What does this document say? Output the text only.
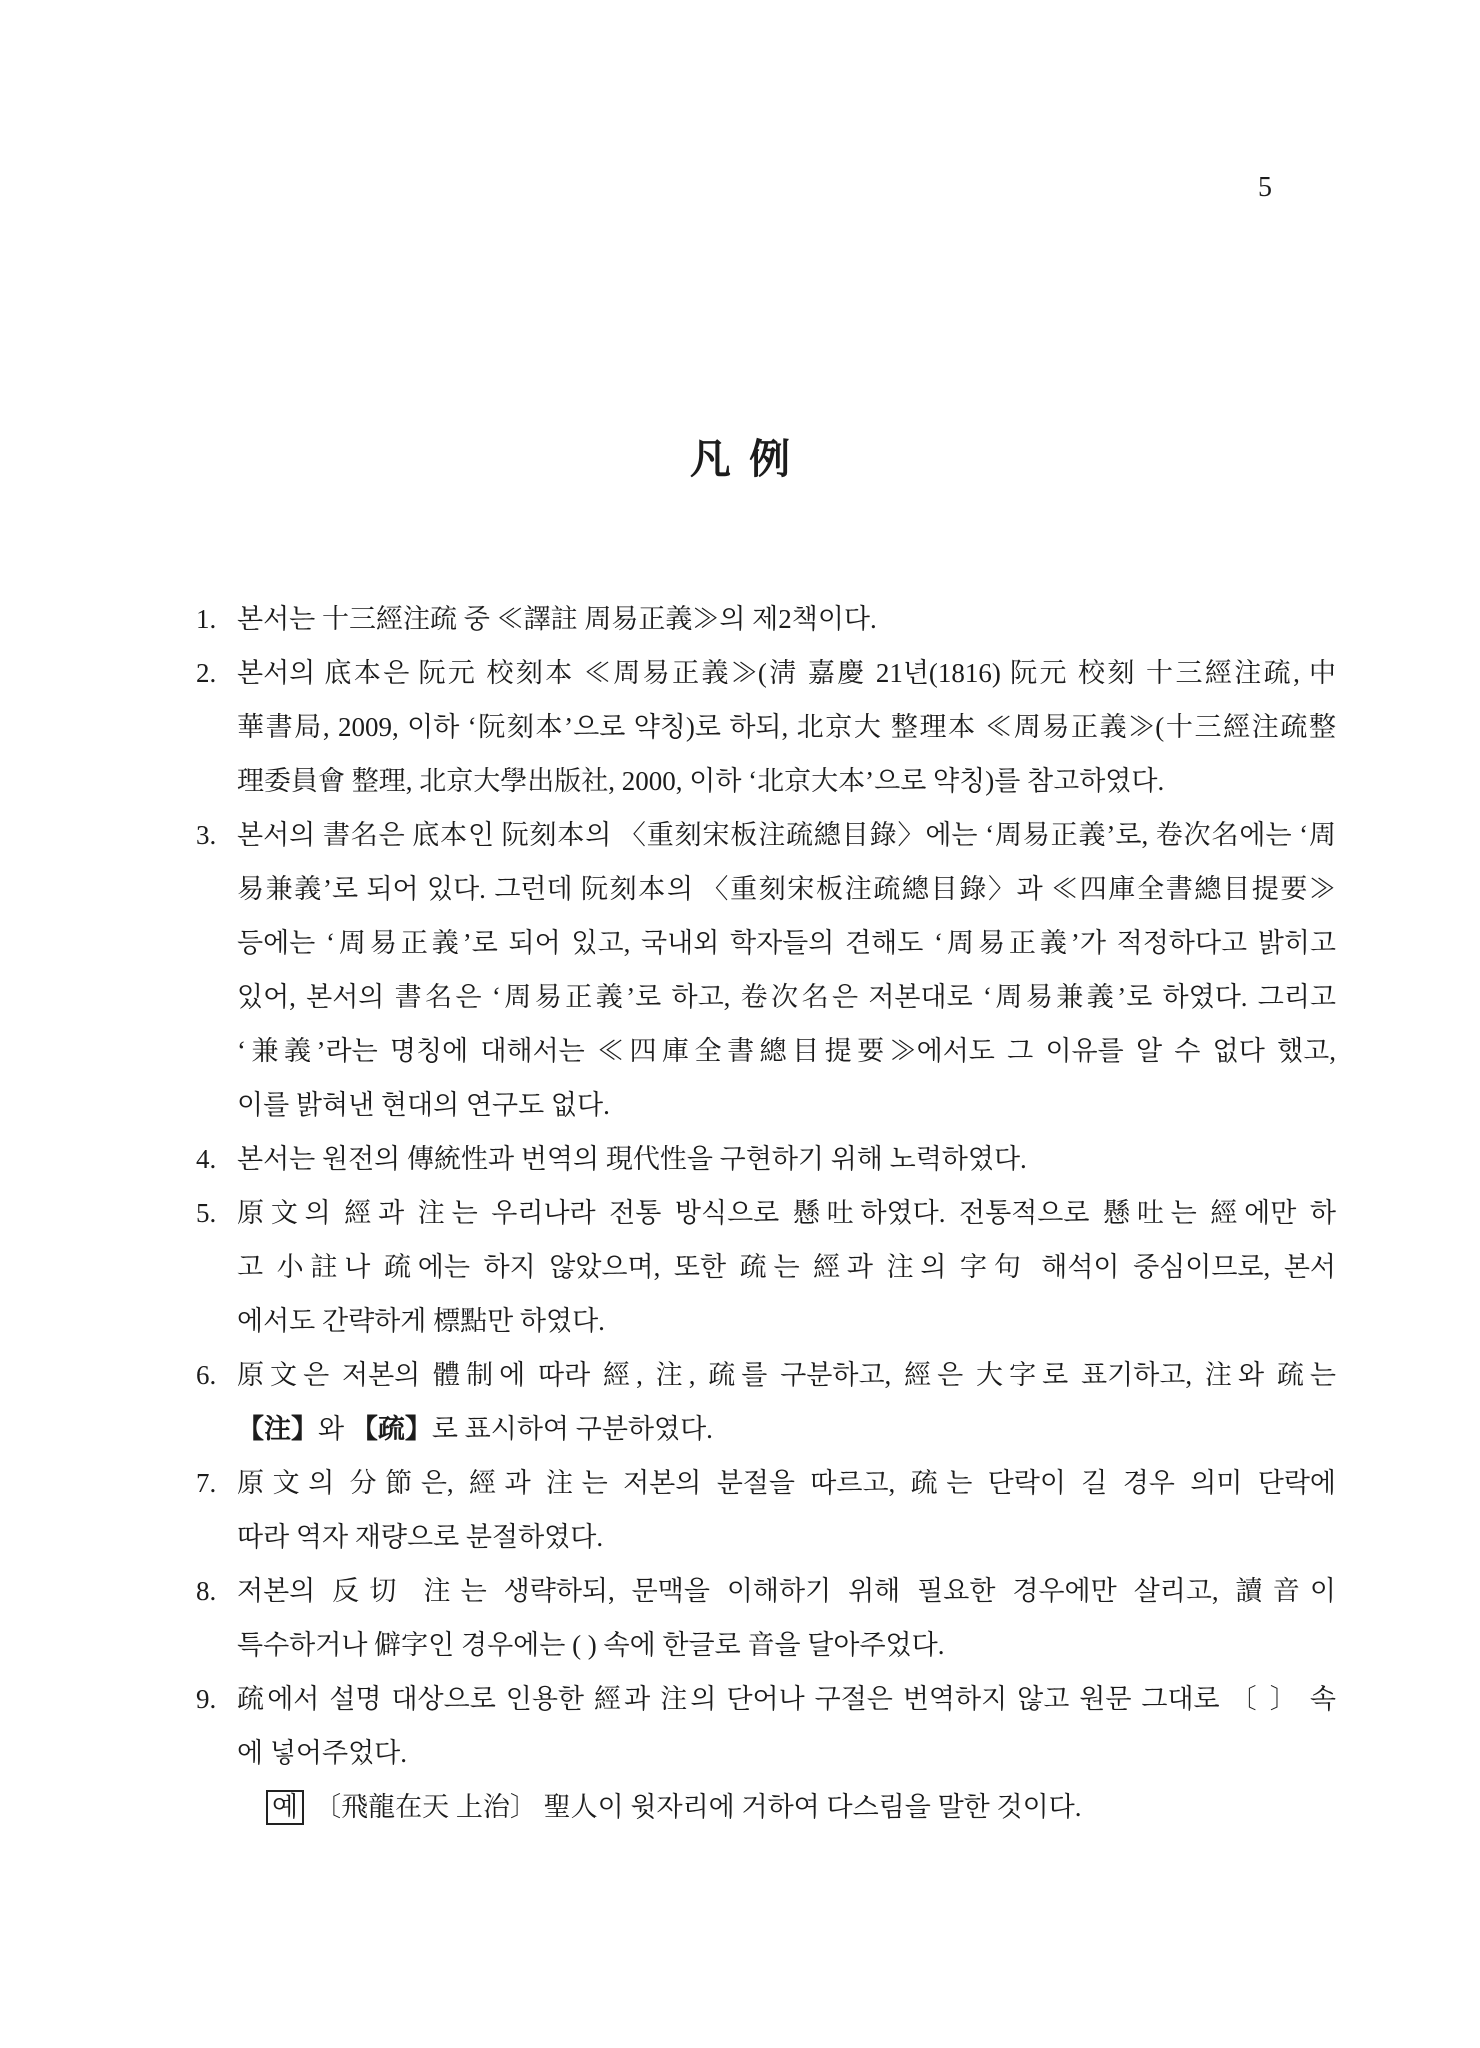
5
凡 例
1. 본서는 十三經注疏 중 ≪譯註 周易正義≫의 제2책이다.
2. 본서의 底本은 阮元 校刻本 ≪周易正義≫(淸 嘉慶 21년(1816) 阮元 校刻 十三經注疏, 中
華書局, 2009, 이하 ‘阮刻本’으로 약칭)로 하되, 北京大 整理本 ≪周易正義≫(十三經注疏整
理委員會 整理, 北京大學出版社, 2000, 이하 ‘北京大本’으로 약칭)를 참고하였다.
3. 본서의 書名은 底本인 阮刻本의 〈重刻宋板注疏總目錄〉에는 ‘周易正義’로, 卷次名에는 ‘周
易兼義’로 되어 있다. 그런데 阮刻本의 〈重刻宋板注疏總目錄〉과 ≪四庫全書總目提要≫
등에는 ‘周易正義’로 되어 있고, 국내외 학자들의 견해도 ‘周易正義’가 적정하다고 밝히고
있어, 본서의 書名은 ‘周易正義’로 하고, 卷次名은 저본대로 ‘周易兼義’로 하였다. 그리고
‘兼義’라는 명칭에 대해서는 ≪四庫全書總目提要≫에서도 그 이유를 알 수 없다 했고,
이를 밝혀낸 현대의 연구도 없다.
4. 본서는 원전의 傳統性과 번역의 現代性을 구현하기 위해 노력하였다.
5. 原文의 經과 注는 우리나라 전통 방식으로 懸吐하였다. 전통적으로 懸吐는 經에만 하
고 小註나 疏에는 하지 않았으며, 또한 疏는 經과 注의 字句 해석이 중심이므로, 본서
에서도 간략하게 標點만 하였다.
6. 原文은 저본의 體制에 따라 經, 注, 疏를 구분하고, 經은 大字로 표기하고, 注와 疏는
【注】와 【疏】로 표시하여 구분하였다.
7. 原文의 分節은, 經과 注는 저본의 분절을 따르고, 疏는 단락이 길 경우 의미 단락에
따라 역자 재량으로 분절하였다.
8. 저본의 反切 注는 생략하되, 문맥을 이해하기 위해 필요한 경우에만 살리고, 讀音이
특수하거나 僻字인 경우에는 ( ) 속에 한글로 音을 달아주었다.
9. 疏에서 설명 대상으로 인용한 經과 注의 단어나 구절은 번역하지 않고 원문 그대로 〔 〕 속
에 넣어주었다.
예 〔飛龍在天 上治〕 聖人이 윗자리에 거하여 다스림을 말한 것이다.
